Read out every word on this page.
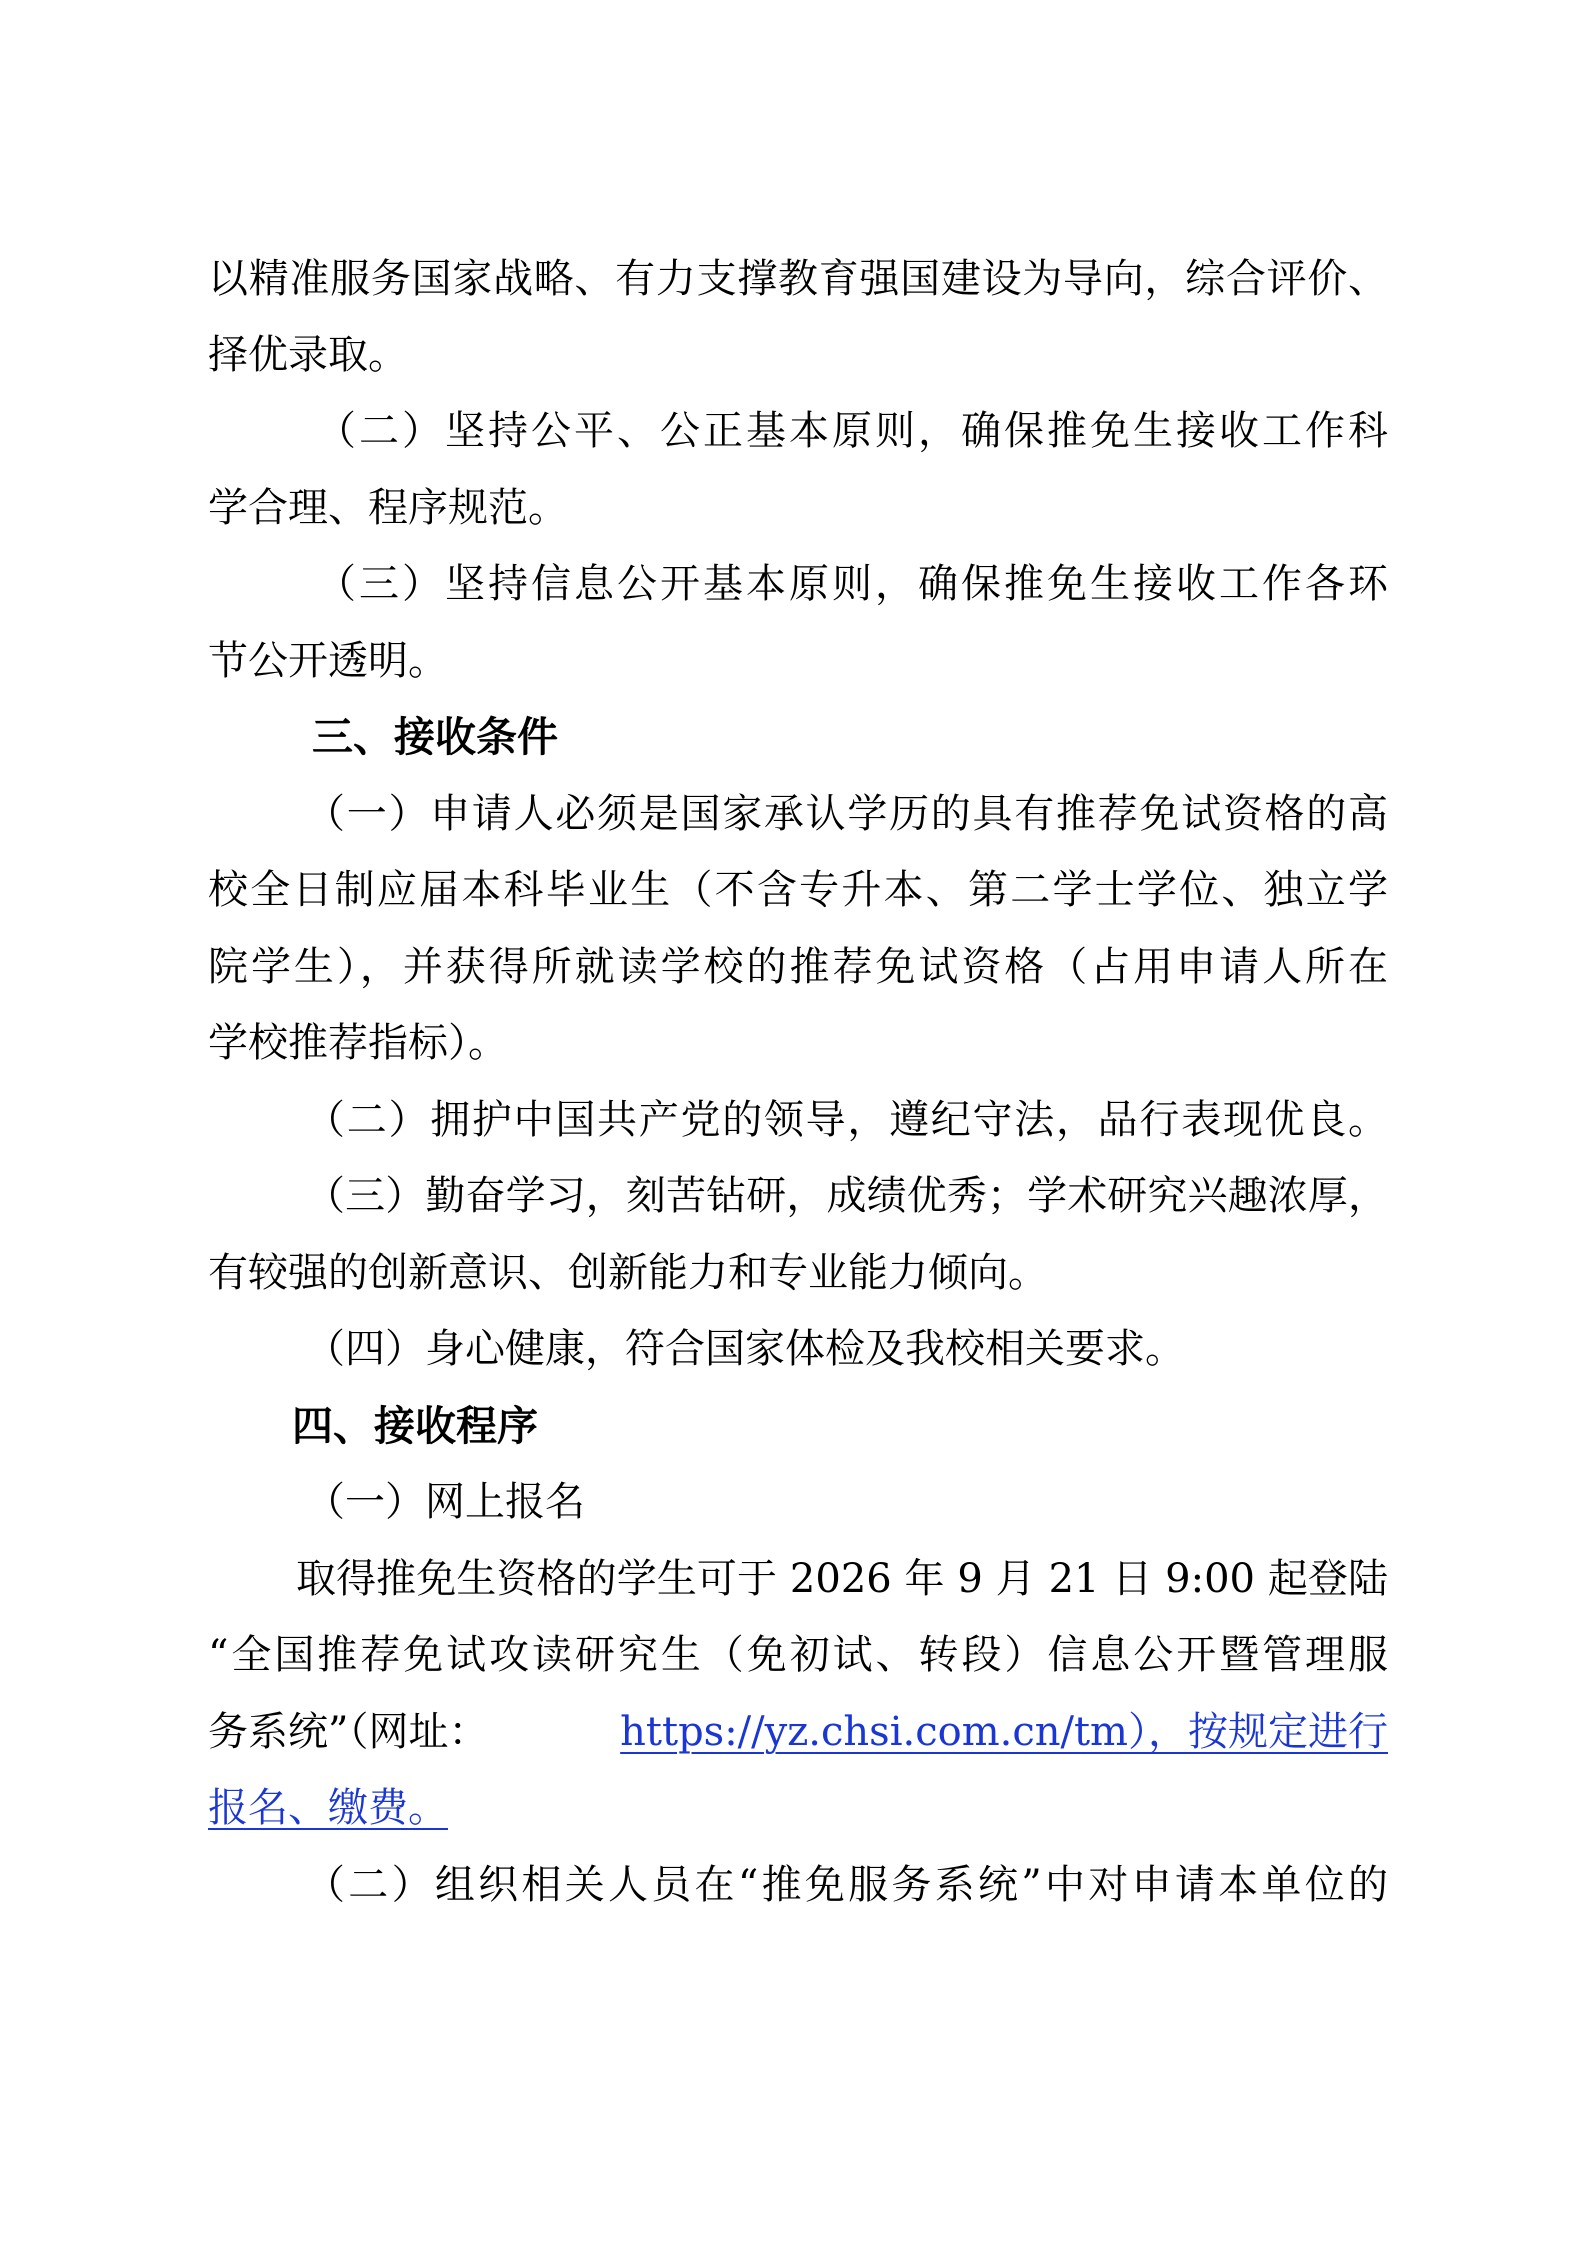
以精准服务国家战略、有力支撑教育强国建设为导向，综合评价、
择优录取。
（二）坚持公平、公正基本原则，确保推免生接收工作科
学合理、程序规范。
（三）坚持信息公开基本原则，确保推免生接收工作各环
节公开透明。
三、接收条件
（一）申请人必须是国家承认学历的具有推荐免试资格的高
校全日制应届本科毕业生（不含专升本、第二学士学位、独立学
院学生），并获得所就读学校的推荐免试资格（占用申请人所在
学校推荐指标）。
（二）拥护中国共产党的领导，遵纪守法，品行表现优良。
（三）勤奋学习，刻苦钻研，成绩优秀；学术研究兴趣浓厚，
有较强的创新意识、创新能力和专业能力倾向。
（四）身心健康，符合国家体检及我校相关要求。
四、接收程序
（一）网上报名
取得推免生资格的学生可于 2026 年 9 月 21 日 9:00 起登陆
“全国推荐免试攻读研究生（免初试、转段）信息公开暨管理服
务系统”（网址：	https://yz.chsi.com.cn/tm），按规定进行
报名、缴费。
（二）组织相关人员在“推免服务系统”中对申请本单位的
